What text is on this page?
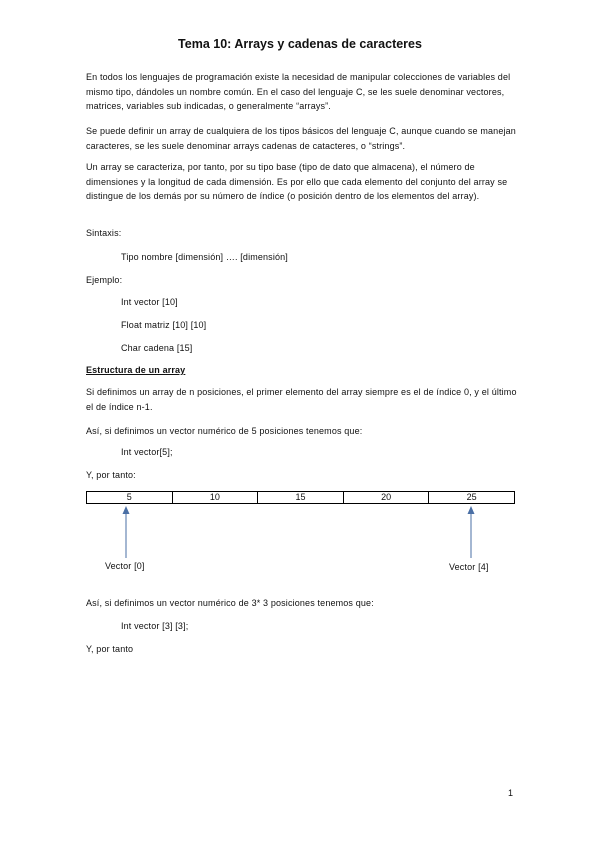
Tema 10: Arrays y cadenas de caracteres
En todos los lenguajes de programación existe la necesidad de manipular colecciones de variables del mismo tipo, dándoles un nombre común. En el caso del lenguaje C, se les suele denominar vectores, matrices, variables sub indicadas, o generalmente “arrays”.
Se puede definir un array de cualquiera de los tipos básicos del lenguaje C, aunque cuando se manejan caracteres, se les suele denominar arrays cadenas de catacteres, o “strings”.
Un array se caracteriza, por tanto, por su tipo base (tipo de dato que almacena), el número de dimensiones y la longitud de cada dimensión. Es por ello que cada elemento del conjunto del array se distingue de los demás por su número de índice (o posición dentro de los elementos del array).
Sintaxis:
Tipo nombre [dimensión] …. [dimensión]
Ejemplo:
Int vector [10]
Float matriz [10] [10]
Char cadena [15]
Estructura de un array
Si definimos un array de n posiciones, el primer elemento del array siempre es el de índice 0, y el último el de índice n-1.
Así, si definimos un vector numérico de 5 posiciones tenemos que:
Int vector[5];
Y, por tanto:
5	10	15	20	25
Vector [0]	Vector [4]
Así, si definimos un vector numérico de 3* 3 posiciones tenemos que:
Int vector [3] [3];
Y, por tanto
1
